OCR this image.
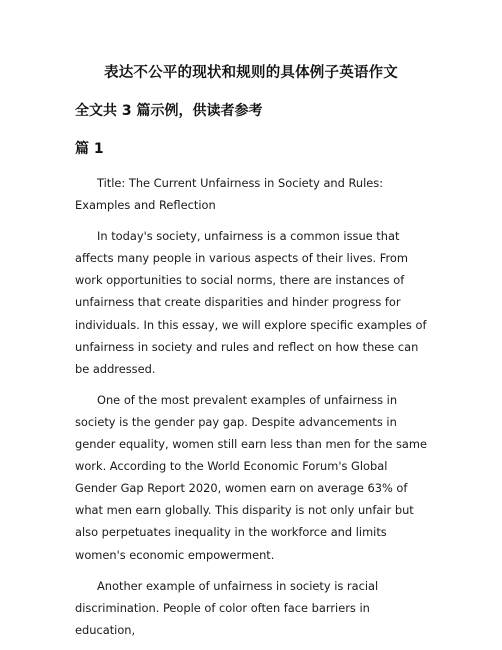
表达不公平的现状和规则的具体例子英语作文
全文共 3 篇示例，供读者参考
篇 1

Title: The Current Unfairness in Society and Rules: Examples and Reflection

In today's society, unfairness is a common issue that affects many people in various aspects of their lives. From work opportunities to social norms, there are instances of unfairness that create disparities and hinder progress for individuals. In this essay, we will explore specific examples of unfairness in society and rules and reflect on how these can be addressed.

One of the most prevalent examples of unfairness in society is the gender pay gap. Despite advancements in gender equality, women still earn less than men for the same work. According to the World Economic Forum's Global Gender Gap Report 2020, women earn on average 63% of what men earn globally. This disparity is not only unfair but also perpetuates inequality in the workforce and limits women's economic empowerment.

Another example of unfairness in society is racial discrimination. People of color often face barriers in education,
